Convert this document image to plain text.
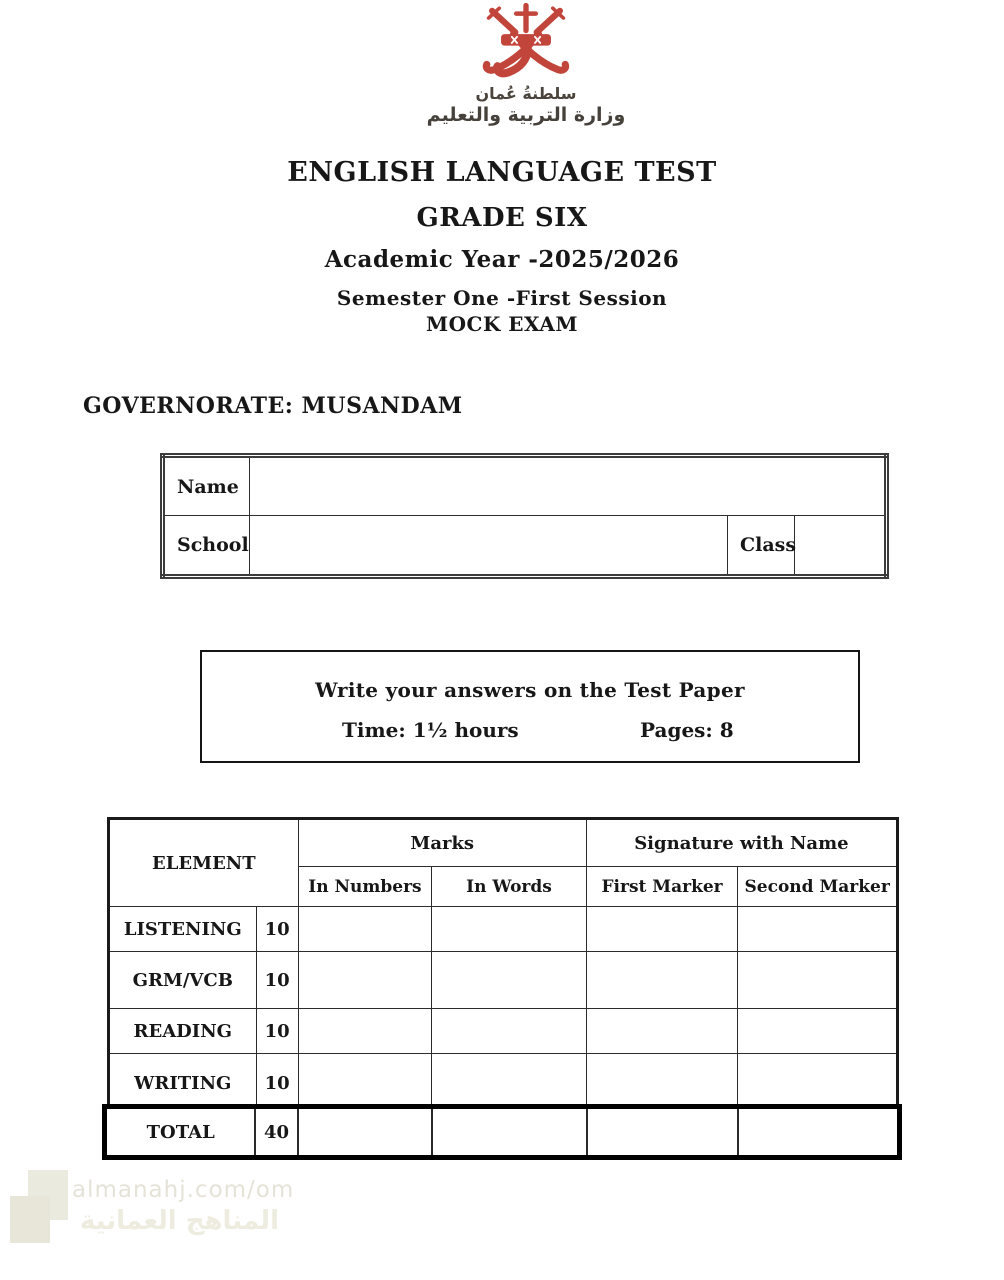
سلطنةُ عُمان
وزارة التربية والتعليم
ENGLISH LANGUAGE TEST
GRADE SIX
Academic Year -2025/2026
Semester One -First Session
MOCK EXAM
GOVERNORATE: MUSANDAM
Name			
School		Class	
Write your answers on the Test Paper
Time: 1½ hours	Pages: 8
ELEMENT		Marks		Signature with Name	
		In Numbers	In Words	First Marker	Second Marker
LISTENING	10				
GRM/VCB	10				
READING	10				
WRITING	10				
TOTAL	40				
almanahj.com/om
المناهج العمانية
